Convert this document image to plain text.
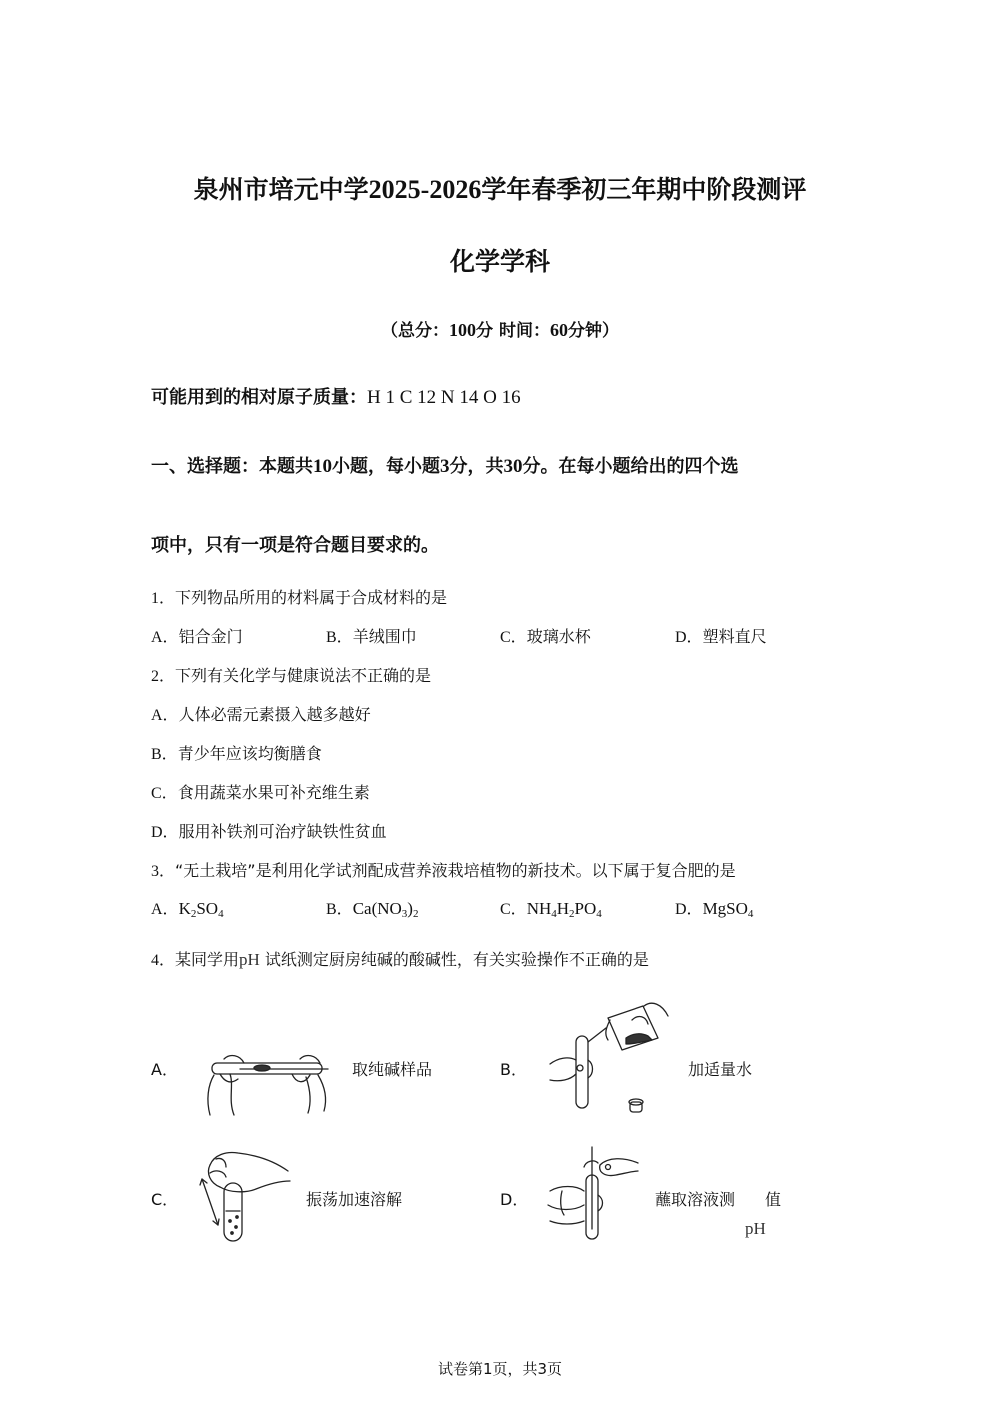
泉州市培元中学2025-2026学年春季初三年期中阶段测评
化学学科
（总分：100分 时间：60分钟）
可能用到的相对原子质量：H 1 C 12 N 14 O 16
一、选择题：本题共10小题，每小题3分，共30分。在每小题给出的四个选
项中，只有一项是符合题目要求的。
1．下列物品所用的材料属于合成材料的是
A．铝合金门	B．羊绒围巾	C．玻璃水杯	D．塑料直尺
2．下列有关化学与健康说法不正确的是
A．人体必需元素摄入越多越好
B．青少年应该均衡膳食
C．食用蔬菜水果可补充维生素
D．服用补铁剂可治疗缺铁性贫血
3．“无土栽培”是利用化学试剂配成营养液栽培植物的新技术。以下属于复合肥的是
A．$K_2SO_4$	B．$Ca(NO_3)_2$	C．$NH_4H_2PO_4$	D．MgSO$_4$
4．某同学用pH 试纸测定厨房纯碱的酸碱性，有关实验操作不正确的是
A．	取纯碱样品	B．	加适量水
C．	振荡加速溶解	D．	蘸取溶液测 值
pH
试卷第1页，共3页
